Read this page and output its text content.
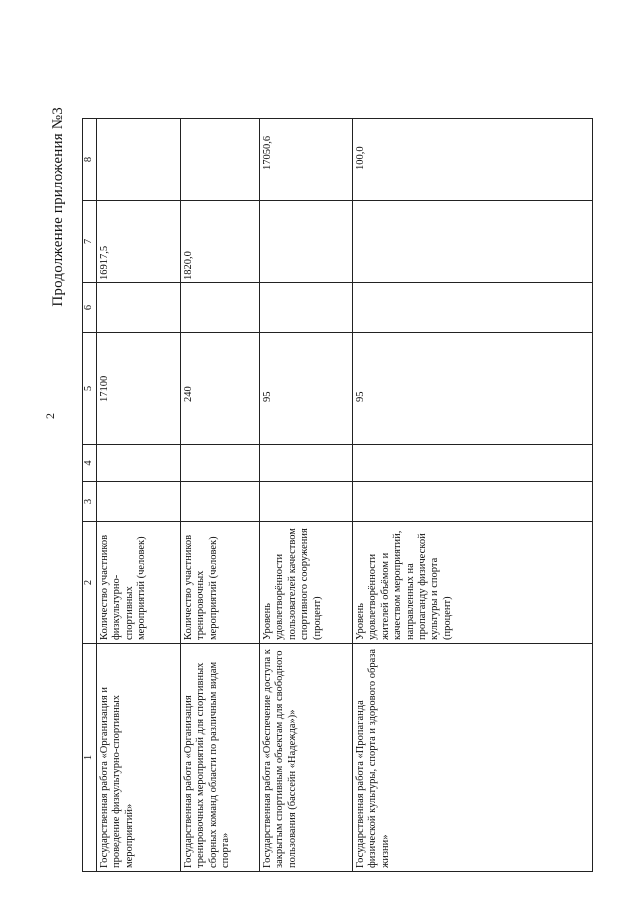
2
Продолжение приложения №3
1	2	3	4	5	6	7	8
Государственная работа «Организация и проведение физкультурно-спортивных мероприятий»	Количество участников физкультурно-спортивных мероприятий (человек)			17100		16917,5	
Государственная работа «Организация тренировочных мероприятий для спортивных сборных команд области по различным видам спорта»	Количество участников тренировочных мероприятий (человек)			240		1820,0	
Государственная работа «Обеспечение доступа к закрытым спортивным объектам для свободного пользования (бассейн «Надежда»)»	Уровень удовлетворённости пользователей качеством спортивного сооружения (процент)			95			17050,6
Государственная работа «Пропаганда физической культуры, спорта и здорового образа жизни»	Уровень удовлетворённости жителей объёмом и качеством мероприятий, направленных на пропаганду физической культуры и спорта (процент)			95			100,0
